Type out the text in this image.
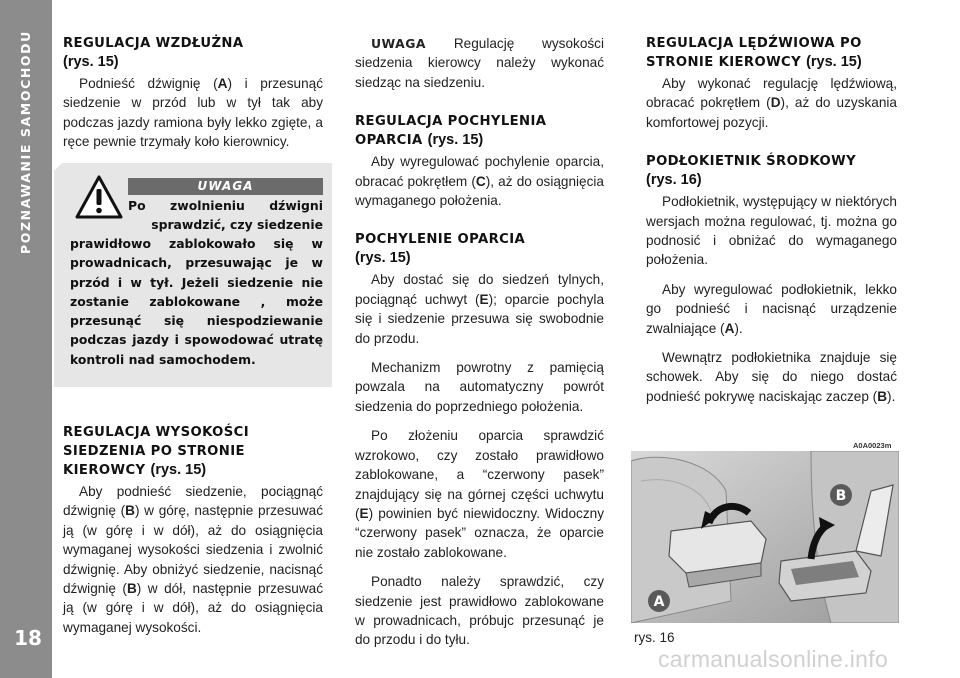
POZNAWANIE SAMOCHODU
18
REGULACJA WZDŁUŻNA
(rys. 15)

Podnieść dźwignię (A) i przesunąć siedzenie w przód lub w tył tak aby podczas jazdy ramiona były lekko zgięte, a ręce pewnie trzymały koło kierownicy.

UWAGA
Po zwolnieniu dźwigni sprawdzić, czy siedzenie
prawidłowo zablokowało się w prowadnicach, przesuwając je w przód i w tył. Jeżeli siedzenie nie zostanie zablokowane , może przesunąć się niespodziewanie podczas jazdy i spowodować utratę kontroli nad samochodem.
REGULACJA WYSOKOŚCI SIEDZENIA PO STRONIE KIEROWCY (rys. 15)

Aby podnieść siedzenie, pociągnąć dźwignię (B) w górę, następnie przesuwać ją (w górę i w dół), aż do osiągnięcia wymaganej wysokości siedzenia i zwolnić dźwignię. Aby obniżyć siedzenie, nacisnąć dźwignię (B) w dół, następnie przesuwać ją (w górę i w dół), aż do osiągnięcia wymaganej wysokości.

UWAGA Regulację wysokości siedzenia kierowcy należy wykonać siedząc na siedzeniu.

REGULACJA POCHYLENIA OPARCIA (rys. 15)

Aby wyregulować pochylenie oparcia, obracać pokrętłem (C), aż do osiągnięcia wymaganego położenia.

POCHYLENIE OPARCIA
(rys. 15)

Aby dostać się do siedzeń tylnych, pociągnąć uchwyt (E); oparcie pochyla się i siedzenie przesuwa się swobodnie do przodu.

Mechanizm powrotny z pamięcią powzala na automatyczny powrót siedzenia do poprzedniego położenia.

Po złożeniu oparcia sprawdzić wzrokowo, czy zostało prawidłowo zablokowane, a “czerwony pasek” znajdujący się na górnej części uchwytu (E) powinien być niewidoczny. Widoczny “czerwony pasek” oznacza, że oparcie nie zostało zablokowane.

Ponadto należy sprawdzić, czy siedzenie jest prawidłowo zablokowane w prowadnicach, próbujc przesunąć je do przodu i do tyłu.

REGULACJA LĘDŹWIOWA PO STRONIE KIEROWCY (rys. 15)

Aby wykonać regulację lędźwiową, obracać pokrętłem (D), aż do uzyskania komfortowej pozycji.

PODŁOKIETNIK ŚRODKOWY
(rys. 16)

Podłokietnik, występujący w niektórych wersjach można regulować, tj. można go podnosić i obniżać do wymaganego położenia.

Aby wyregulować podłokietnik, lekko go podnieść i nacisnąć urządzenie zwalniające (A).

Wewnątrz podłokietnika znajduje się schowek. Aby się do niego dostać podnieść pokrywę naciskając zaczep (B).

A0A0023m
A
B
rys. 16
carmanualsonline.info
